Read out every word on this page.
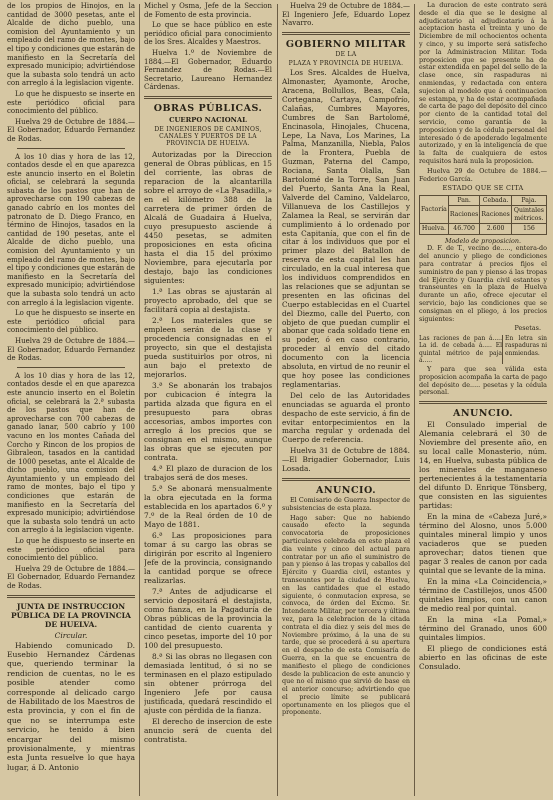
de los propios de Hinojos, en la cantidad de 3000 pesetas, ante el Alcalde de dicho pueblo, una comision del Ayuntamiento y un empleado del ramo de montes, bajo el tipo y condiciones que estarán de manifiesto en la Secretaría del expresado municipio; advirtiéndose que la subasta solo tendrá un acto con arreglo á la legislacion vigente.

Lo que he dispuesto se inserte en este periódico oficial para conocimiento del público.

Huelva 29 de Octubre de 1884.—El Gobernador, Eduardo Fernandez de Rodas.

A los 10 dias y hora de las 12, contados desde el en que aparezca este anuncio inserto en el Boletin oficial, se celebrará la segunda subasta de los pastos que han de aprovecharse con 190 cabezas de ganado cabrío en los montes del patronato de D. Diego Franco, en término de Hinojos, tasados en la cantidad de 190 pesetas, ante el Alcalde de dicho pueblo, una comision del Ayuntamiento y un empleado del ramo de montes, bajo el tipo y condiciones que estarán de manifiesto en la Secretaría del expresado municipio; advirtiéndose que la subasta solo tendrá un acto con arreglo á la legislacion vigente.

Lo que he dispuesto se inserte en este periódico oficial para conocimiento del público.

Huelva 29 de Octubre de 1884.—El Gobernador, Eduardo Fernandez de Rodas.

A los 10 dias y hora de las 12, contados desde el en que aparezca este anuncio inserto en el Boletin oficial, se celebrará la 2.ª subasta de los pastos que han de aprovecharse con 700 cabezas de ganado lanar, 500 cabrío y 100 vacuno en los montes Cañada del Corcho y Rincon de los propios de Gibraleon, tasados en la cantidad de 1000 pesetas, ante el Alcalde de dicho pueblo, una comision del Ayuntamiento y un empleado del ramo de montes, bajo el tipo y condiciones que estarán de manifiesto en la Secretaría del expresado municipio; advirtiéndose que la subasta solo tendrá un acto con arreglo á la legislacion vigente.

Lo que he dispuesto se inserte en este periódico oficial para conocimiento del público.

Huelva 29 de Octubre de 1884.—El Gobernador, Eduardo Fernandez de Rodas.

JUNTA DE INSTRUCCION PÚBLICA DE LA PROVINCIA DE HUELVA.
Circular.

Habiendo comunicado D. Eusebio Hernandez Cárdenas que, queriendo terminar la rendicion de cuentas, no le es posible atender como corresponde al delicado cargo de Habilitado de los Maestros de esta provincia, y con el fin de que no se interrumpa este servicio, he tenido á bien encargar del mismo provisionalmente, y mientras esta Junta resuelve lo que haya lugar, á D. Antonio

Michel y Osma, Jefe de la Seccion de Fomento de esta provincia.

Lo que se hace público en este periódico oficial para conocimiento de los Sres. Alcaldes y Maestros.

Huelva 1.º de Noviembre de 1884.—El Gobernador, Eduardo Fernandez de Rodas.—El Secretario, Laureano Hernandez Cárdenas.

OBRAS PÚBLICAS.
CUERPO NACIONAL
DE INGENIEROS DE CAMINOS, CANALES Y PUERTOS DE LA PROVINCIA DE HUELVA.

Autorizadas por la Direccion general de Obras públicas, en 15 del corriente, las obras de reparacion de la alcantarilla sobre el arroyo de «La Pasadilla,» en el kilómetro 388 de la carretera de primer órden de Alcalá de Guadaira á Huelva, cuyo presupuesto asciende á 4450 pesetas, se admiten proposiciones en esta oficina hasta el dia 15 del próximo Noviembre, para ejecutarla por destajo, bajo las condiciones siguientes:

1.ª Las obras se ajustarán al proyecto aprobado, del que se facilitará copia al destajista.

2.ª Los materiales que se empleen serán de la clase y procedencia consignadas en el proyecto, sin que el destajista pueda sustituirlos por otros, ni aun bajo el pretexto de mejorarlos.

3.ª Se abonarán los trabajos por cubicacion é íntegra la partida alzada que figura en el presupuesto para obras accesorias, ambos importes con arreglo á los precios que se consignan en el mismo, aunque las obras que se ejecuten por contrata.

4.ª El plazo de duracion de los trabajos será de dos meses.

5.ª Se abonará mensualmente la obra ejecutada en la forma establecida en los apartados 6.º y 7.º de la Real órden de 10 de Mayo de 1881.

6.ª Las proposiciones para tomar á su cargo las obras se dirigirán por escrito al Ingeniero Jefe de la provincia, consignando la cantidad porque se ofrece realizarlas.

7.ª Antes de adjudicarse el servicio depositará el destajista, como fianza, en la Pagaduría de Obras públicas de la provincia la cantidad de ciento cuarenta y cinco pesetas, importe del 10 por 100 del presupuesto.

8.ª Si las obras no llegasen con demasiada lentitud, ó si no se terminasen en el plazo estipulado sin obtener prórroga del Ingeniero Jefe por causa justificada, quedará rescindido el ajuste con pérdida de la fianza.

El derecho de insercion de este anuncio será de cuenta del contratista.

Huelva 29 de Octubre de 1884.—El Ingeniero Jefe, Eduardo Lopez Navarro.

GOBIERNO MILITAR
DE LA
PLAZA Y PROVINCIA DE HUELVA.

Los Sres. Alcaldes de Huelva, Almonaster, Ayamonte, Aroche, Aracena, Bollullos, Beas, Cala, Cortegana, Cartaya, Campofrío, Calañas, Cumbres Mayores, Cumbres de San Bartolomé, Encinasola, Hinojales, Chucena, Lepe, La Nava, Los Marines, La Palma, Manzanilla, Niebla, Palos de la Frontera, Puebla de Guzman, Paterna del Campo, Rociana, Santa Olalla, San Bartolomé de la Torre, San Juan del Puerto, Santa Ana la Real, Valverde del Camino, Valdelarco, Villanueva de los Castillejos y Zalamea la Real, se servirán dar cumplimiento á lo ordenado por esta Capitanía, que con el fin de citar á los individuos que por el primer plazo del Batallon de reserva de esta capital les han circulado, en la cual interesa que los individuos comprendidos en las relaciones que se adjuntan se presenten en las oficinas del Cuerpo establecidas en el Cuartel del Diezmo, calle del Puerto, con objeto de que puedan cumplir el abonar que cada soldado tiene en su poder, ó en caso contrario, proceder al envío del citado documento con la licencia absoluta, en virtud de no reunir el que hoy posee las condiciones reglamentarias.

Del celo de las Autoridades enunciadas se aguarda el pronto despacho de este servicio, á fin de evitar entorpecimientos en la marcha regular y ordenada del Cuerpo de referencia.

Huelva 31 de Octubre de 1884.—El Brigadier Gobernador, Luis Losada.

ANUNCIO.

El Comisario de Guerra Inspector de subsistencias de esta plaza.

Hago saber: Que no habiendo causado efecto la segunda convocatoria de proposiciones particulares celebrada en este plaza el dia veinte y cinco del actual para contratar por un año el suministro de pan y pienso á las tropas y caballos del Ejército y Guardia civil, estantes y transeuntes por la ciudad de Huelva, en las cantidades que el estado siguiente, ó conmutacion expresa, se convoca, de órden del Excmo. Sr. Intendente Militar, por tercera y última vez, para la celebracion de la citada contrata el dia diez y seis del mes de Noviembre próximo, á la una de su tarde, que se procederá á su apertura en el despacho de esta Comisaría de Guerra, en la que se encuentra de manifiesto el pliego de condiciones desde la publicacion de este anuncio y que no el mismo que sirvió de base en el anterior concurso; advirtiendo que el precio límite se publicará oportunamente en los pliegos que el proponente.

La duracion de este contrato será desde el dia que se le designe al adjudicatario al adjudicatario á la aceptacion hasta el treinta y uno de Diciembre de mil ochocientos ochenta y cinco, y su importe será satisfecho por la Administracion Militar. Toda proposicion que se presente ha de estar extendida en papel del sello de la clase once, sin raspaduras ni enmiendas, y redactada con entera sujecion al modelo que á continuacion se estampa, y ha de estar acompañada de carta de pago del depósito del cinco por ciento de la cantidad total del servicio, como garantía de la proposicion y de la cédula personal del interesado ó de apoderado legalmente autorizado, y en la inteligencia de que la falta de cualquiera de estos requisitos hará nula la proposicion.

Huelva 29 de Octubre de 1884.—Federico García.

ESTADO QUE SE CITA
Factoría	Pan.	Cebada.	Paja.
	Raciones	Raciones	Quintales métricos.
Huelva.	46.700	2.600	156
Modelo de proposicion.

D. F. de T., vecino de....., entera-do del anuncio y pliego de condiciones para contratar á precios fijos el suministro de pan y pienso á las tropas del Ejército y Guardia civil estantes y transeuntes en la plaza de Huelva durante un año, ofrece ejecutar el servicio, bajo las condiciones que se consignan en el pliego, á los precios siguientes:

Pesetas.
Las raciones de pan á..... La id. de cebada á..... El quintal métrico de paja á.....
En letra sin raspaduras ni enmiendas.

Y para que sea válida esta proposicion acompaña la carta de pago del depósito de..... pesetas y la cédula personal.

ANUNCIO.

El Consulado imperial de Alemania celebrará el 30 de Noviembre del presente año, en su local calle Monasterio, núm. 14, en Huelva, subasta pública de los minerales de manganeso pertenecientes á la testamentaría del difunto D. Enrique Tönsberg, que consisten en las siguientes partidas:

En la mina de «Cabeza Juré,» término del Alosno, unos 5.000 quintales mineral limpio y unos vaciaderos que se pueden aprovechar; datos tienen que pagar 3 reales de canon por cada quintal que se levante de la mina.

En la mina «La Coincidencia,» término de Castillejos, unos 4500 quintales limpios, con un canon de medio real por quintal.

En la mina «La Pomal,» término del Granado, unos 600 quintales limpios.

El pliego de condiciones está abierto en las oficinas de este Consulado.
